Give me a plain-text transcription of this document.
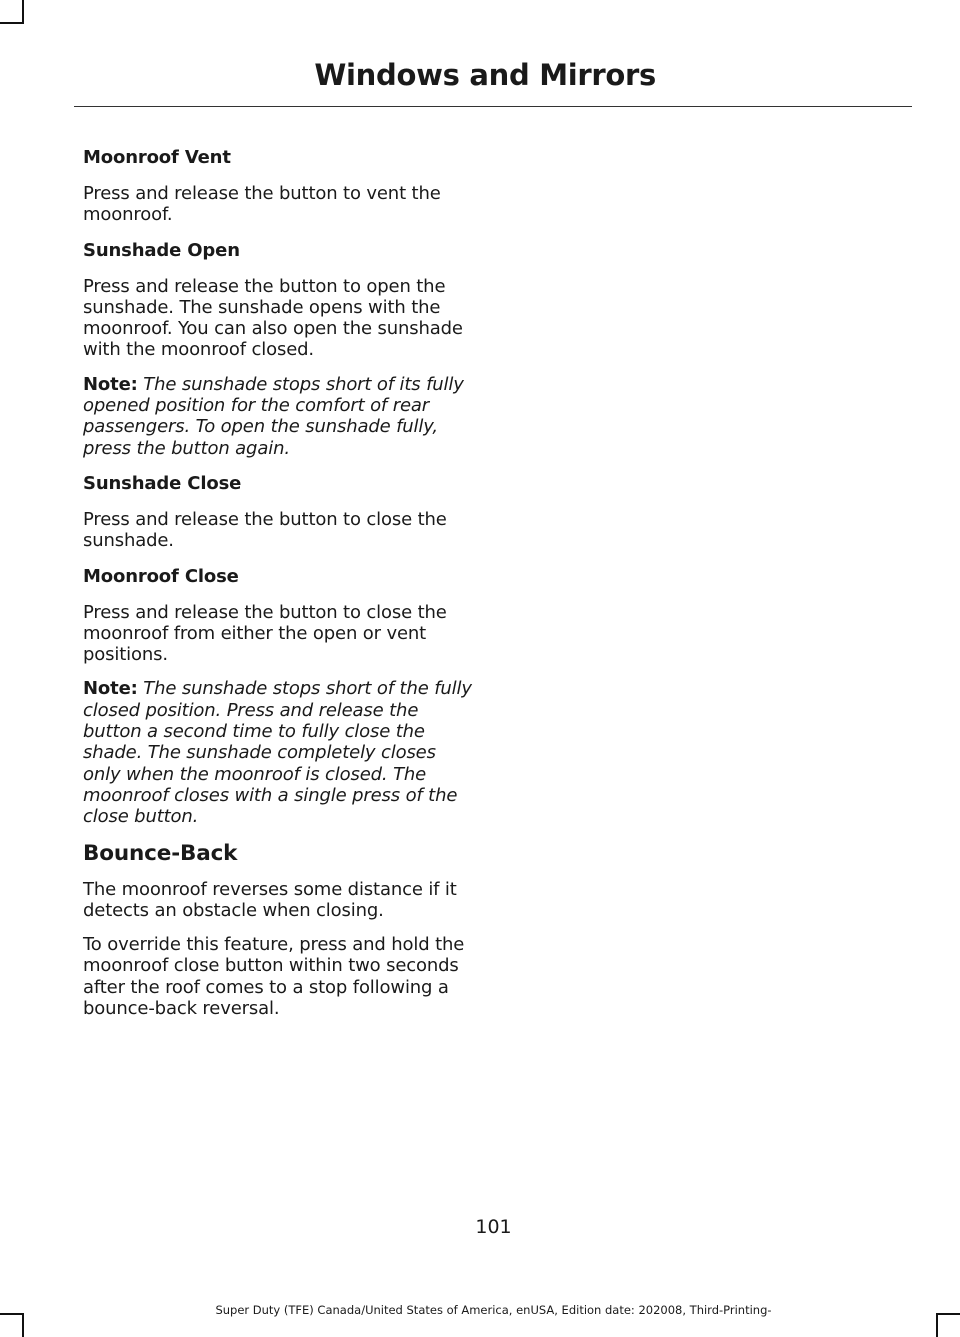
Windows and Mirrors
Moonroof Vent

Press and release the button to vent the moonroof.

Sunshade Open

Press and release the button to open the sunshade. The sunshade opens with the moonroof. You can also open the sunshade with the moonroof closed.

Note: The sunshade stops short of its fully opened position for the comfort of rear passengers. To open the sunshade fully, press the button again.

Sunshade Close

Press and release the button to close the sunshade.

Moonroof Close

Press and release the button to close the moonroof from either the open or vent positions.

Note: The sunshade stops short of the fully closed position. Press and release the button a second time to fully close the shade. The sunshade completely closes only when the moonroof is closed. The moonroof closes with a single press of the close button.

Bounce-Back

The moonroof reverses some distance if it detects an obstacle when closing.

To override this feature, press and hold the moonroof close button within two seconds after the roof comes to a stop following a bounce-back reversal.

101

Super Duty (TFE) Canada/United States of America, enUSA, Edition date: 202008, Third-Printing-
